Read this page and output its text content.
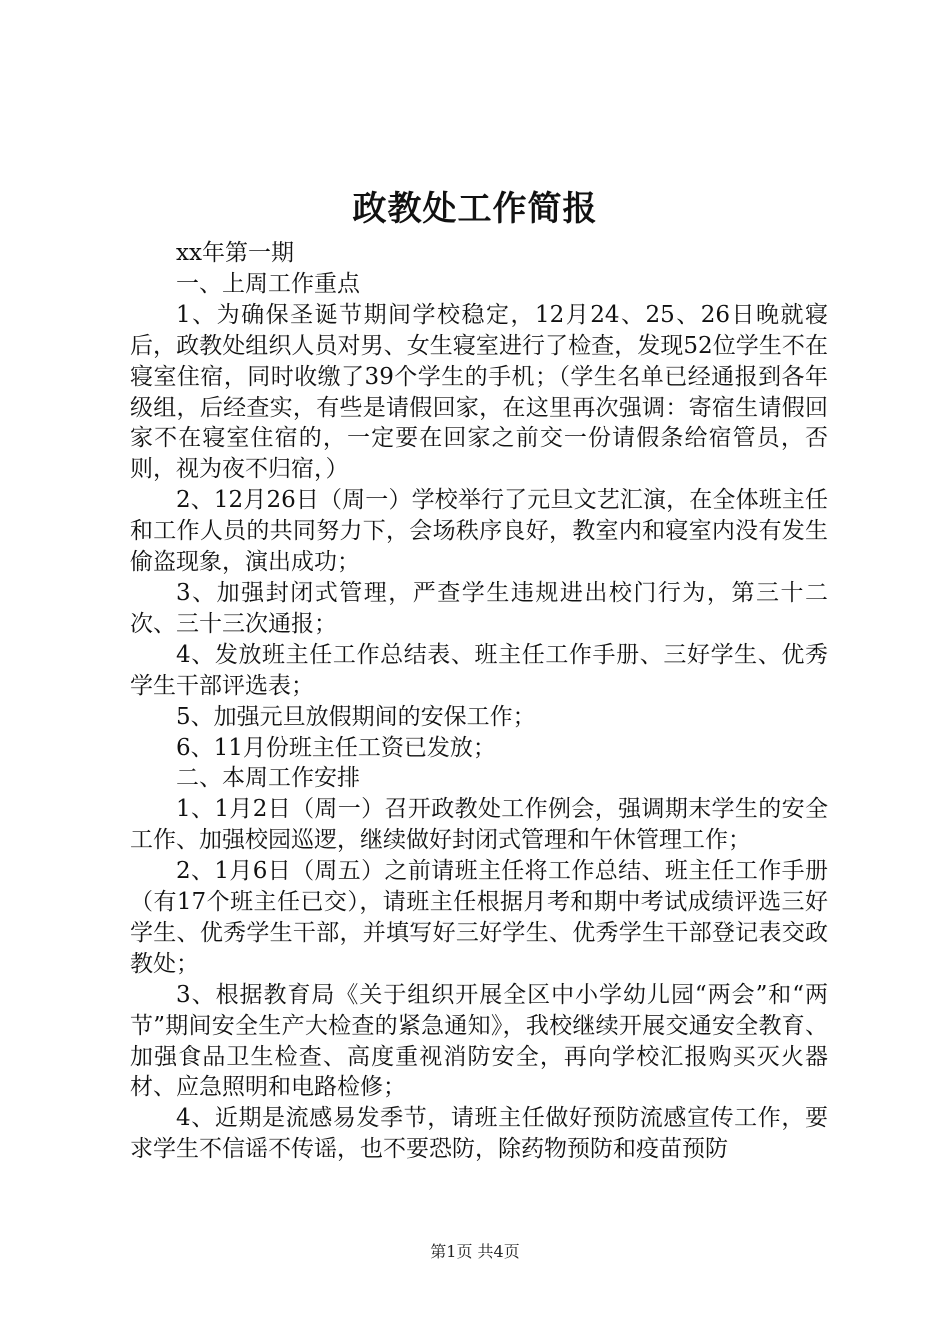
政教处工作简报

xx年第一期

一、上周工作重点

1、为确保圣诞节期间学校稳定，12月24、25、26日晚就寝后，政教处组织人员对男、女生寝室进行了检查，发现52位学生不在寝室住宿，同时收缴了39个学生的手机；（学生名单已经通报到各年级组，后经查实，有些是请假回家，在这里再次强调：寄宿生请假回家不在寝室住宿的，一定要在回家之前交一份请假条给宿管员，否则，视为夜不归宿，）

2、12月26日（周一）学校举行了元旦文艺汇演，在全体班主任和工作人员的共同努力下，会场秩序良好，教室内和寝室内没有发生偷盗现象，演出成功；

3、加强封闭式管理，严查学生违规进出校门行为，第三十二次、三十三次通报；

4、发放班主任工作总结表、班主任工作手册、三好学生、优秀学生干部评选表；

5、加强元旦放假期间的安保工作；

6、11月份班主任工资已发放；

二、本周工作安排

1、1月2日（周一）召开政教处工作例会，强调期末学生的安全工作、加强校园巡逻，继续做好封闭式管理和午休管理工作；

2、1月6日（周五）之前请班主任将工作总结、班主任工作手册（有17个班主任已交），请班主任根据月考和期中考试成绩评选三好学生、优秀学生干部，并填写好三好学生、优秀学生干部登记表交政教处；

3、根据教育局《关于组织开展全区中小学幼儿园“两会”和“两节”期间安全生产大检查的紧急通知》，我校继续开展交通安全教育、加强食品卫生检查、高度重视消防安全，再向学校汇报购买灭火器材、应急照明和电路检修；

4、近期是流感易发季节，请班主任做好预防流感宣传工作，要求学生不信谣不传谣，也不要恐防，除药物预防和疫苗预防

第1页 共4页
